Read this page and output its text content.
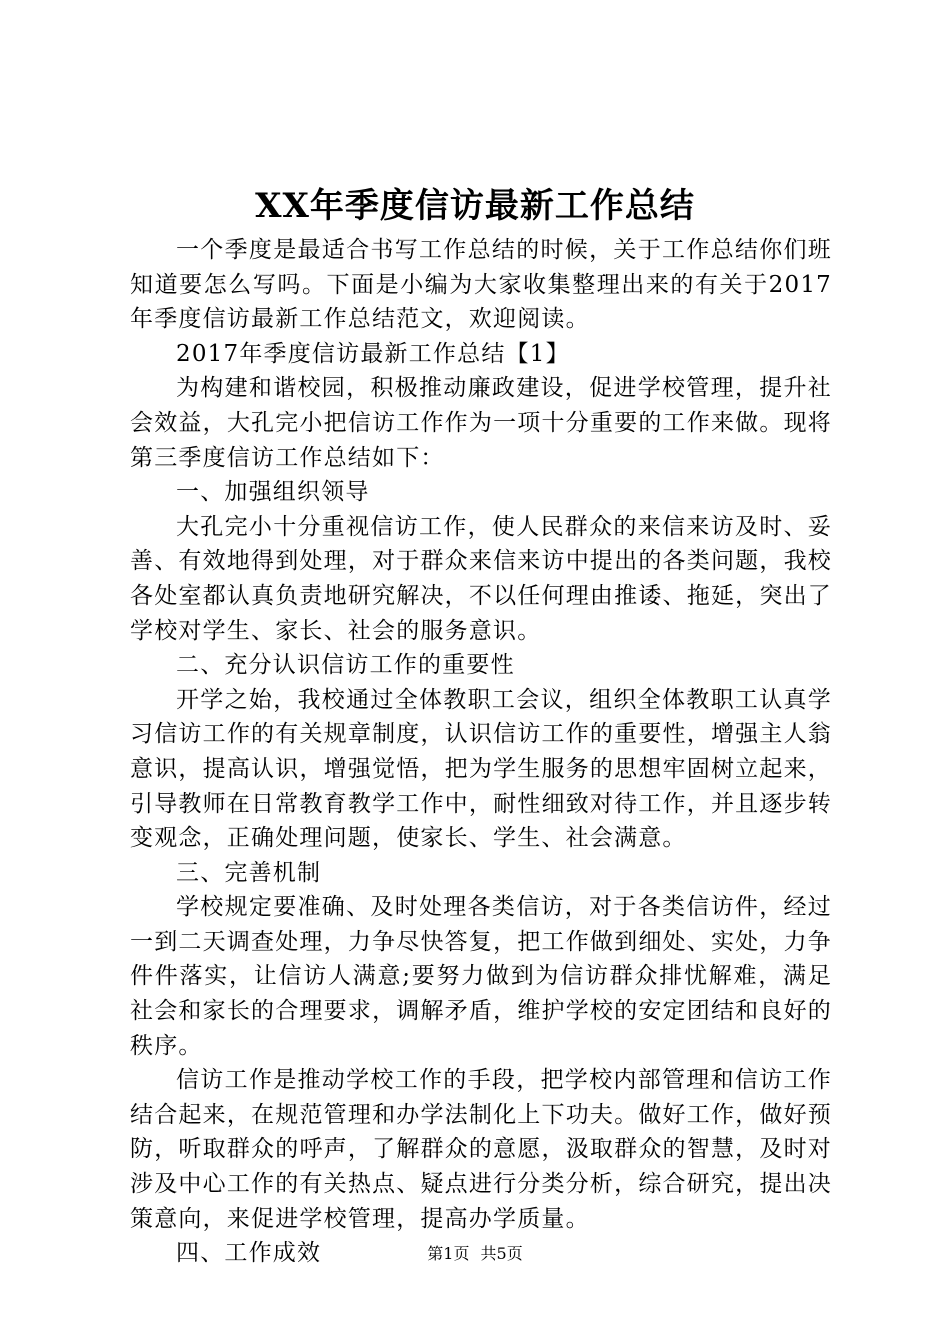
XX年季度信访最新工作总结

一个季度是最适合书写工作总结的时候，关于工作总结你们班知道要怎么写吗。下面是小编为大家收集整理出来的有关于2017年季度信访最新工作总结范文，欢迎阅读。

2017年季度信访最新工作总结【1】

为构建和谐校园，积极推动廉政建设，促进学校管理，提升社会效益，大孔完小把信访工作作为一项十分重要的工作来做。现将第三季度信访工作总结如下：

一、加强组织领导

大孔完小十分重视信访工作，使人民群众的来信来访及时、妥善、有效地得到处理，对于群众来信来访中提出的各类问题，我校各处室都认真负责地研究解决，不以任何理由推诿、拖延，突出了学校对学生、家长、社会的服务意识。

二、充分认识信访工作的重要性

开学之始，我校通过全体教职工会议，组织全体教职工认真学习信访工作的有关规章制度，认识信访工作的重要性，增强主人翁意识，提高认识，增强觉悟，把为学生服务的思想牢固树立起来，引导教师在日常教育教学工作中，耐性细致对待工作，并且逐步转变观念，正确处理问题，使家长、学生、社会满意。

三、完善机制

学校规定要准确、及时处理各类信访，对于各类信访件，经过一到二天调查处理，力争尽快答复，把工作做到细处、实处，力争件件落实，让信访人满意;要努力做到为信访群众排忧解难，满足社会和家长的合理要求，调解矛盾，维护学校的安定团结和良好的秩序。

信访工作是推动学校工作的手段，把学校内部管理和信访工作结合起来，在规范管理和办学法制化上下功夫。做好工作，做好预防，听取群众的呼声，了解群众的意愿，汲取群众的智慧，及时对涉及中心工作的有关热点、疑点进行分类分析，综合研究，提出决策意向，来促进学校管理，提高办学质量。

四、工作成效	第1页 共5页
